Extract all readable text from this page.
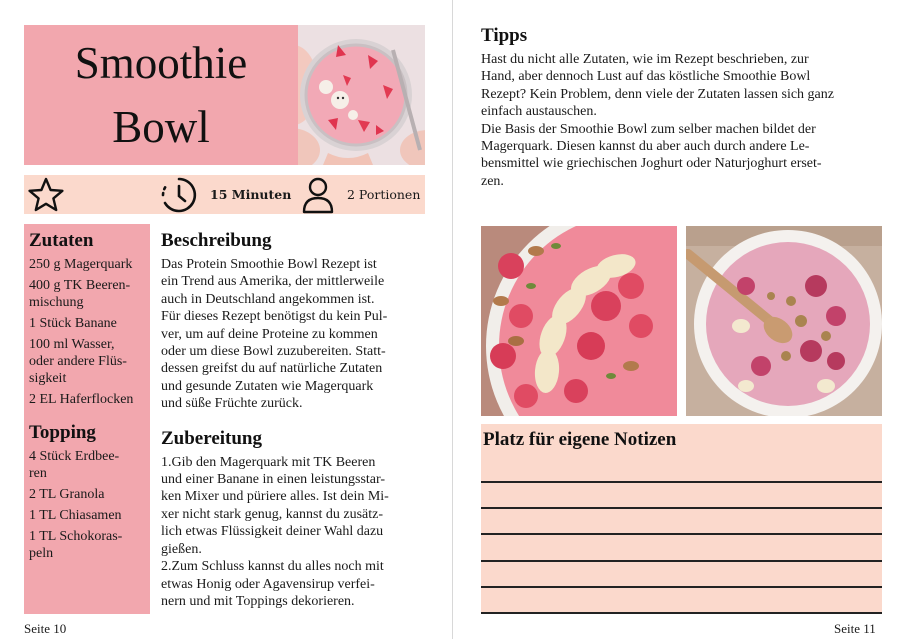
Smoothie
Bowl
15 Minuten	2 Portionen
Zutaten
250 g Magerquark
400 g TK Beeren-
mischung
1 Stück Banane
100 ml Wasser,
oder andere Flüs-
sigkeit
2 EL Haferflocken
Topping
4 Stück Erdbee-
ren
2 TL Granola
1 TL Chiasamen
1 TL Schokoras-
peln
Beschreibung
Das Protein Smoothie Bowl Rezept ist
ein Trend aus Amerika, der mittlerweile
auch in Deutschland angekommen ist.
Für dieses Rezept benötigst du kein Pul-
ver, um auf deine Proteine zu kommen
oder um diese Bowl zuzubereiten. Statt-
dessen greifst du auf natürliche Zutaten
und gesunde Zutaten wie Magerquark
und süße Früchte zurück.
Zubereitung
1.Gib den Magerquark mit TK Beeren
und einer Banane in einen leistungsstar-
ken Mixer und püriere alles. Ist dein Mi-
xer nicht stark genug, kannst du zusätz-
lich etwas Flüssigkeit deiner Wahl dazu
gießen.
2.Zum Schluss kannst du alles noch mit
etwas Honig oder Agavensirup verfei-
nern und mit Toppings dekorieren.
Seite 10
Tipps
Hast du nicht alle Zutaten, wie im Rezept beschrieben, zur
Hand, aber dennoch Lust auf das köstliche Smoothie Bowl
Rezept? Kein Problem, denn viele der Zutaten lassen sich ganz
einfach austauschen.
Die Basis der Smoothie Bowl zum selber machen bildet der
Magerquark. Diesen kannst du aber auch durch andere Le-
bensmittel wie griechischen Joghurt oder Naturjoghurt erset-
zen.
Platz für eigene Notizen
Seite 11
